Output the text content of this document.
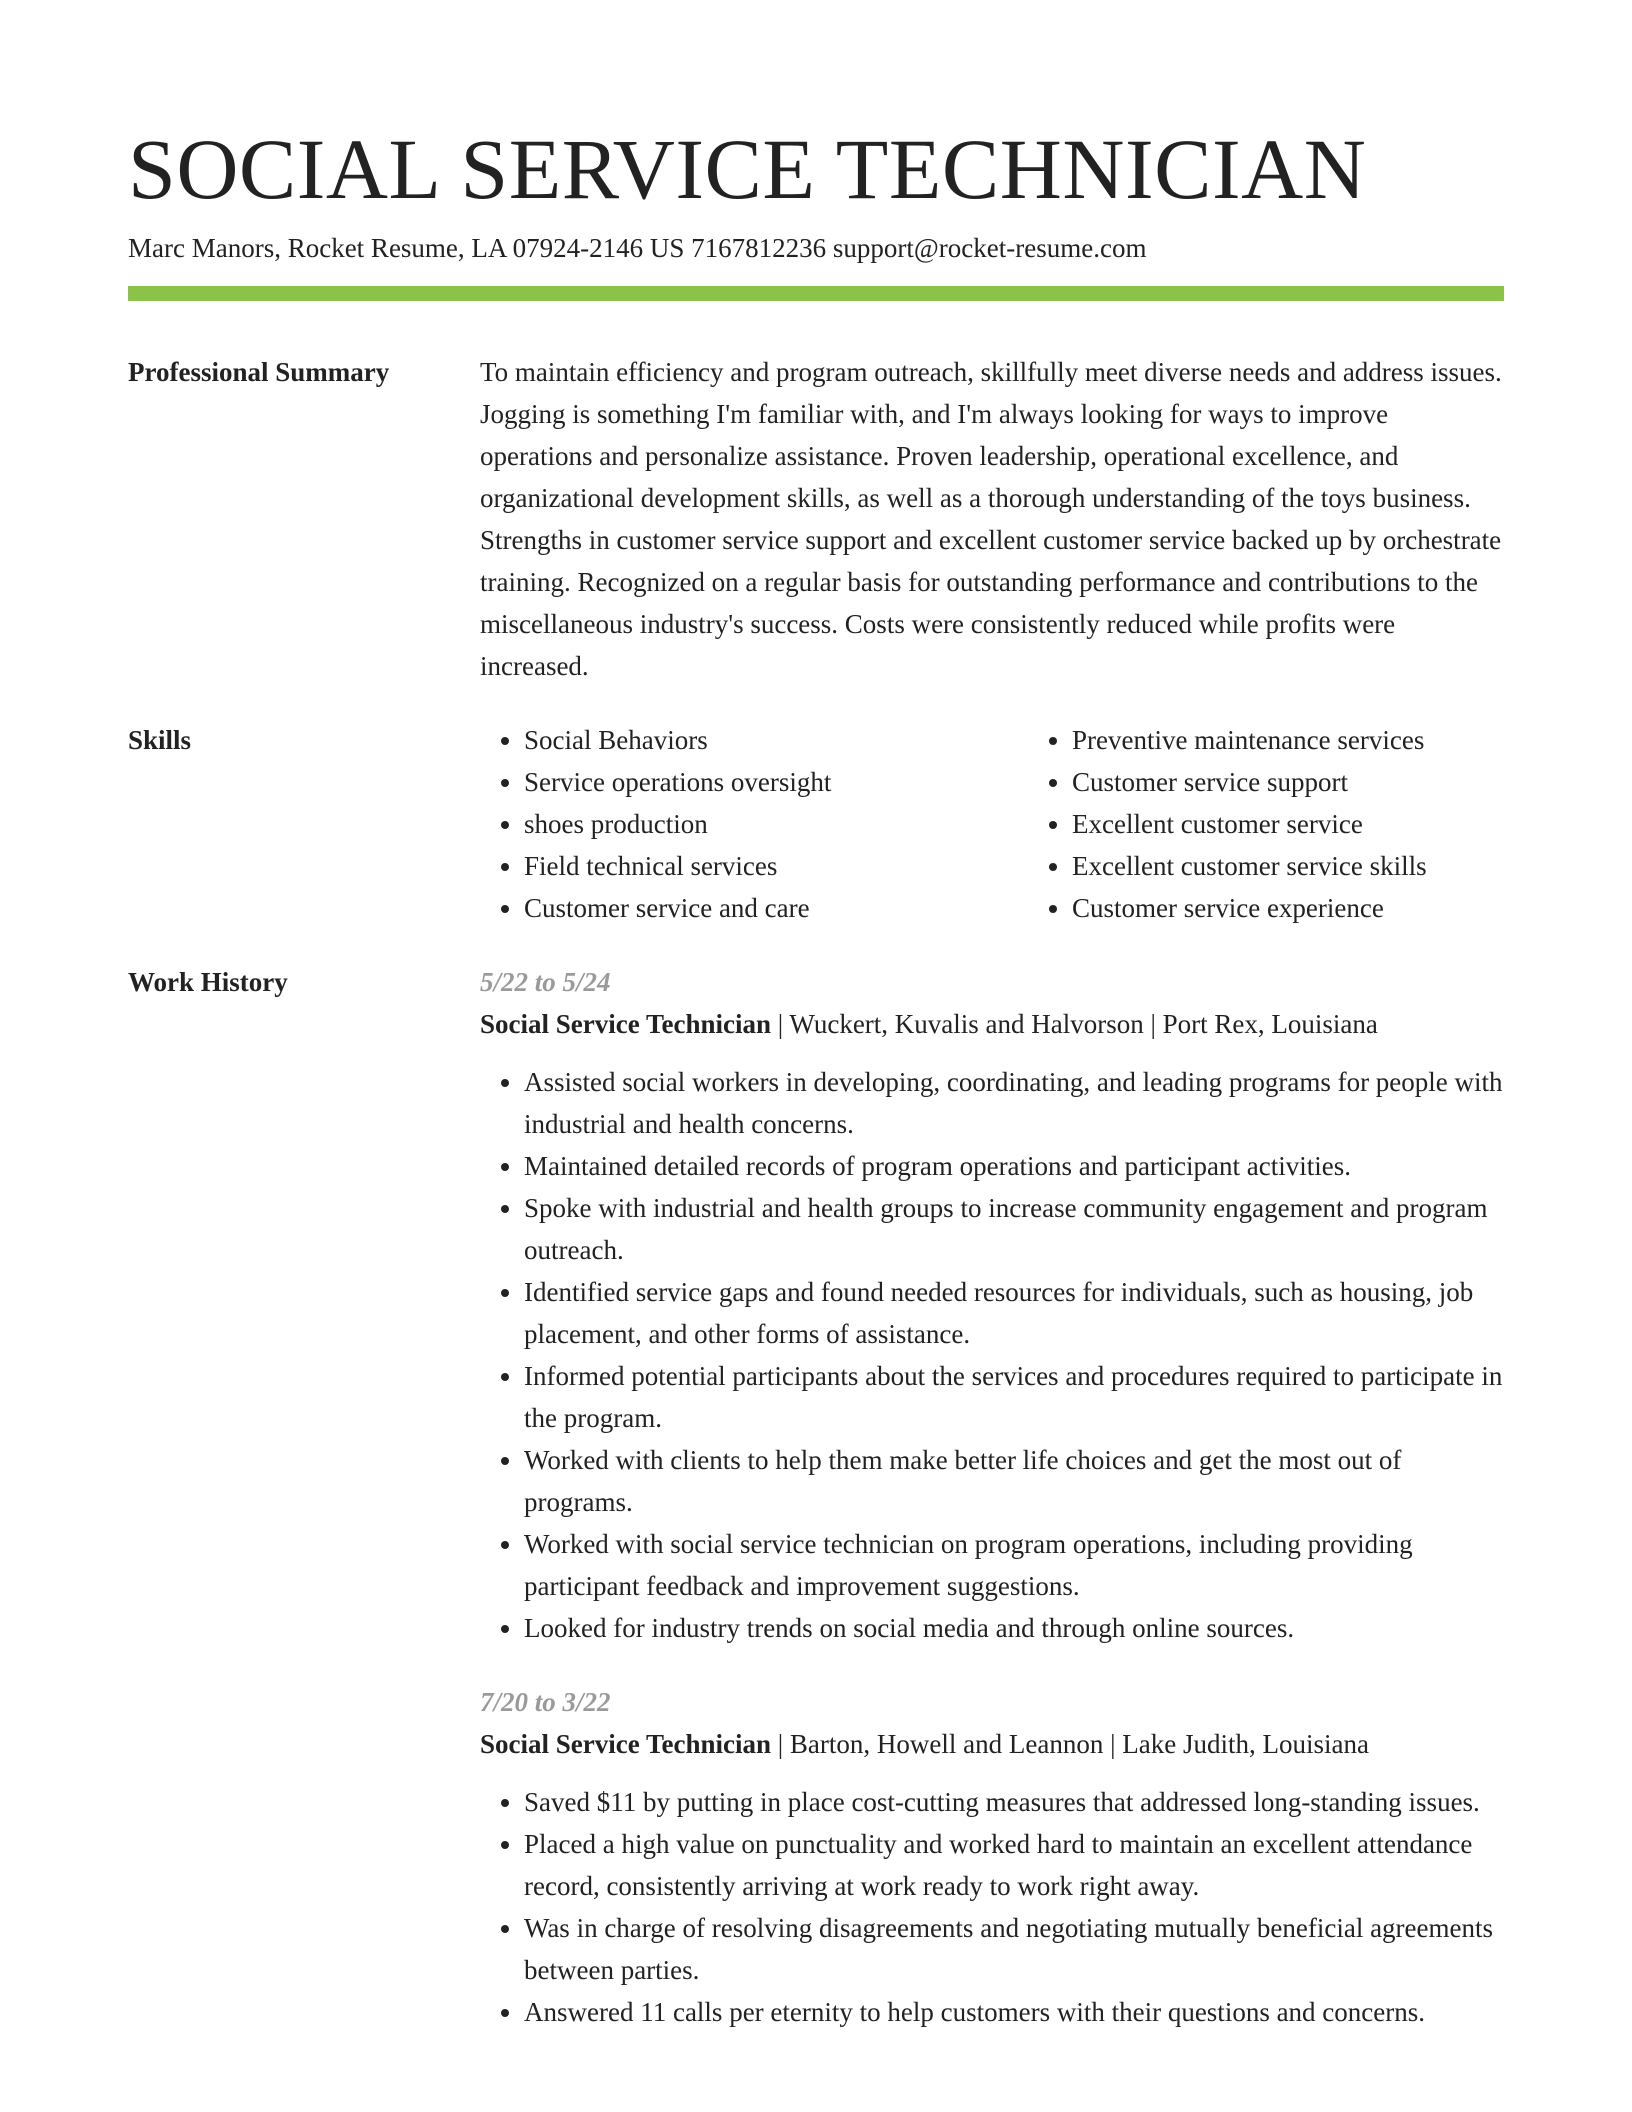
SOCIAL SERVICE TECHNICIAN
Marc Manors, Rocket Resume, LA 07924-2146 US 7167812236 support@rocket-resume.com
Professional Summary	To maintain efficiency and program outreach, skillfully meet diverse needs and address issues. Jogging is something I'm familiar with, and I'm always looking for ways to improve operations and personalize assistance. Proven leadership, operational excellence, and organizational development skills, as well as a thorough understanding of the toys business. Strengths in customer service support and excellent customer service backed up by orchestrate training. Recognized on a regular basis for outstanding performance and contributions to the miscellaneous industry's success. Costs were consistently reduced while profits were increased.
Skills
•	Social Behaviors
• Service operations oversight
• shoes production
• Field technical services
• Customer service and care
• Preventive maintenance services
• Customer service support
• Excellent customer service
• Excellent customer service skills
• Customer service experience
Work History	5/22 to 5/24
Social Service Technician | Wuckert, Kuvalis and Halvorson | Port Rex, Louisiana
• Assisted social workers in developing, coordinating, and leading programs for people with industrial and health concerns.
• Maintained detailed records of program operations and participant activities.
• Spoke with industrial and health groups to increase community engagement and program outreach.
• Identified service gaps and found needed resources for individuals, such as housing, job placement, and other forms of assistance.
• Informed potential participants about the services and procedures required to participate in the program.
• Worked with clients to help them make better life choices and get the most out of programs.
• Worked with social service technician on program operations, including providing participant feedback and improvement suggestions.
• Looked for industry trends on social media and through online sources.
7/20 to 3/22
Social Service Technician | Barton, Howell and Leannon | Lake Judith, Louisiana
• Saved $11 by putting in place cost-cutting measures that addressed long-standing issues.
• Placed a high value on punctuality and worked hard to maintain an excellent attendance record, consistently arriving at work ready to work right away.
• Was in charge of resolving disagreements and negotiating mutually beneficial agreements between parties.
• Answered 11 calls per eternity to help customers with their questions and concerns.
